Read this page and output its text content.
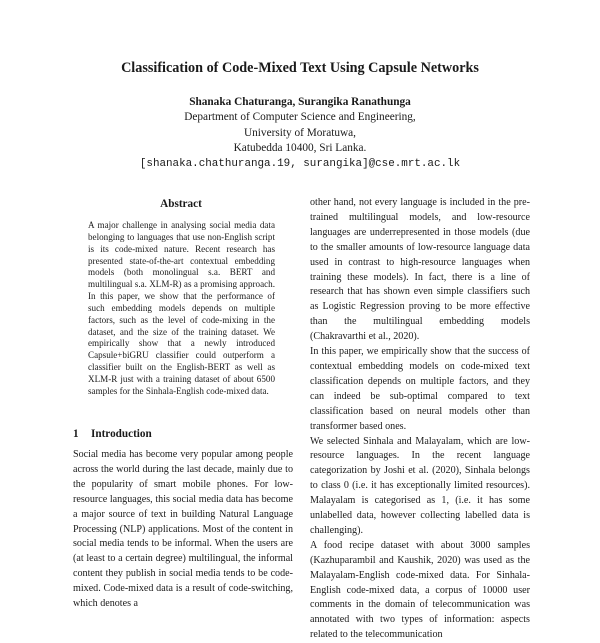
Classification of Code-Mixed Text Using Capsule Networks
Shanaka Chaturanga, Surangika Ranathunga
Department of Computer Science and Engineering,
University of Moratuwa,
Katubedda 10400, Sri Lanka.
[shanaka.chathuranga.19, surangika]@cse.mrt.ac.lk
Abstract

A major challenge in analysing social media data belonging to languages that use non-English script is its code-mixed nature. Recent research has presented state-of-the-art contextual embedding models (both monolingual s.a. BERT and multilingual s.a. XLM-R) as a promising approach. In this paper, we show that the performance of such embedding models depends on multiple factors, such as the level of code-mixing in the dataset, and the size of the training dataset. We empirically show that a newly introduced Capsule+biGRU classifier could outperform a classifier built on the English-BERT as well as XLM-R just with a training dataset of about 6500 samples for the Sinhala-English code-mixed data.

1 Introduction

Social media has become very popular among people across the world during the last decade, mainly due to the popularity of smart mobile phones. For low-resource languages, this social media data has become a major source of text in building Natural Language Processing (NLP) applications. Most of the content in social media tends to be informal. When the users are (at least to a certain degree) multilingual, the informal content they publish in social media tends to be code-mixed. Code-mixed data is a result of code-switching, which denotes a

other hand, not every language is included in the pre-trained multilingual models, and low-resource languages are underrepresented in those models (due to the smaller amounts of low-resource language data used in contrast to high-resource languages when training these models). In fact, there is a line of research that has shown even simple classifiers such as Logistic Regression proving to be more effective than the multilingual embedding models (Chakravarthi et al., 2020).

In this paper, we empirically show that the success of contextual embedding models on code-mixed text classification depends on multiple factors, and they can indeed be sub-optimal compared to text classification based on neural models other than transformer based ones.

We selected Sinhala and Malayalam, which are low-resource languages. In the recent language categorization by Joshi et al. (2020), Sinhala belongs to class 0 (i.e. it has exceptionally limited resources). Malayalam is categorised as 1, (i.e. it has some unlabelled data, however collecting labelled data is challenging).

A food recipe dataset with about 3000 samples (Kazhuparambil and Kaushik, 2020) was used as the Malayalam-English code-mixed data. For Sinhala-English code-mixed data, a corpus of 10000 user comments in the domain of telecommunication was annotated with two types of information: aspects related to the telecommunication
